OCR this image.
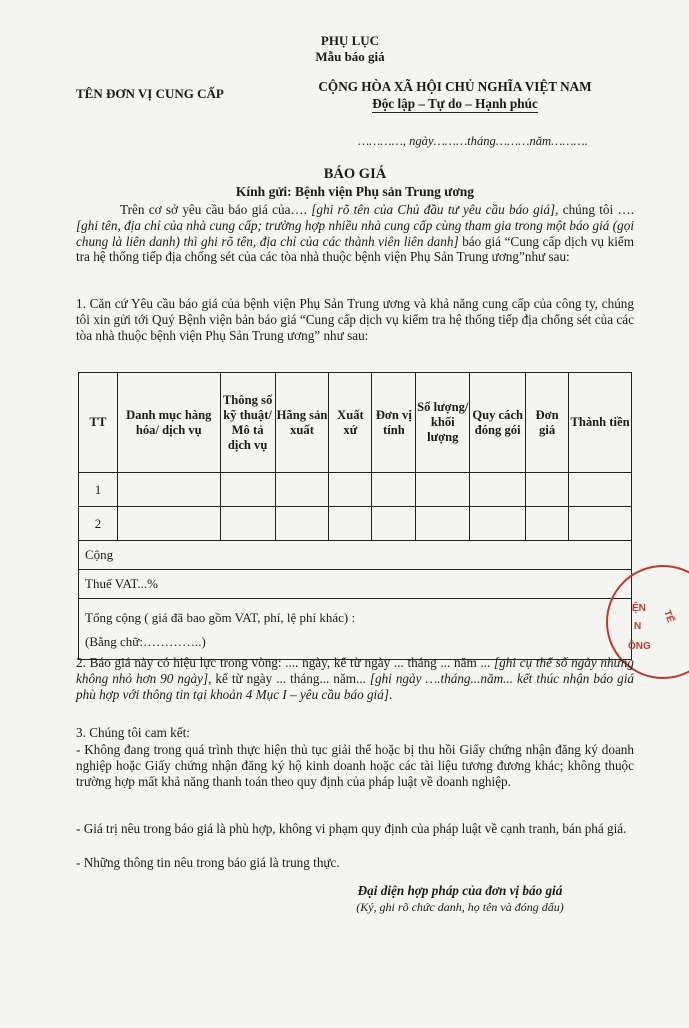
PHỤ LỤC
Mẫu báo giá
TÊN ĐƠN VỊ CUNG CẤP	CỘNG HÒA XÃ HỘI CHỦ NGHĨA VIỆT NAM
Độc lập – Tự do – Hạnh phúc
…………, ngày………tháng………năm……….
BÁO GIÁ
Kính gửi: Bệnh viện Phụ sản Trung ương
Trên cơ sở yêu cầu báo giá của…. [ghi rõ tên của Chủ đầu tư yêu cầu báo giá], chúng tôi …. [ghi tên, địa chỉ của nhà cung cấp; trường hợp nhiều nhà cung cấp cùng tham gia trong một báo giá (gọi chung là liên danh) thì ghi rõ tên, địa chỉ của các thành viên liên danh] báo giá “Cung cấp dịch vụ kiểm tra hệ thống tiếp địa chống sét của các tòa nhà thuộc bệnh viện Phụ Sản Trung ương”như sau:
1. Căn cứ Yêu cầu báo giá của bệnh viện Phụ Sản Trung ương và khả năng cung cấp của công ty, chúng tôi xin gửi tới Quý Bệnh viện bản báo giá “Cung cấp dịch vụ kiểm tra hệ thống tiếp địa chống sét của các tòa nhà thuộc bệnh viện Phụ Sản Trung ương” như sau:
TT	Danh mục hàng hóa/ dịch vụ	Thông số kỹ thuật/ Mô tả dịch vụ	Hãng sản xuất	Xuất xứ	Đơn vị tính	Số lượng/ khối lượng	Quy cách đóng gói	Đơn giá	Thành tiền
1									
2									
Cộng									
Thuế VAT...%									

Tổng cộng ( giá đã bao gồm VAT, phí, lệ phí khác) :
(Bằng chữ:…………..)									
ỆN
N
ỒNG
TẾ
2. Báo giá này có hiệu lực trong vòng: .... ngày, kể từ ngày ... tháng ... năm ... [ghi cụ thể số ngày nhưng không nhỏ hơn 90 ngày], kể từ ngày ... tháng... năm... [ghi ngày ….tháng...năm... kết thúc nhận báo giá phù hợp với thông tin tại khoản 4 Mục I – yêu cầu báo giá].
3. Chúng tôi cam kết:
- Không đang trong quá trình thực hiện thủ tục giải thể hoặc bị thu hồi Giấy chứng nhận đăng ký doanh nghiệp hoặc Giấy chứng nhận đăng ký hộ kinh doanh hoặc các tài liệu tương đương khác; không thuộc trường hợp mất khả năng thanh toán theo quy định của pháp luật về doanh nghiệp.
- Giá trị nêu trong báo giá là phù hợp, không vi phạm quy định của pháp luật về cạnh tranh, bán phá giá.
- Những thông tin nêu trong báo giá là trung thực.
Đại diện hợp pháp của đơn vị báo giá
(Ký, ghi rõ chức danh, họ tên và đóng dấu)
